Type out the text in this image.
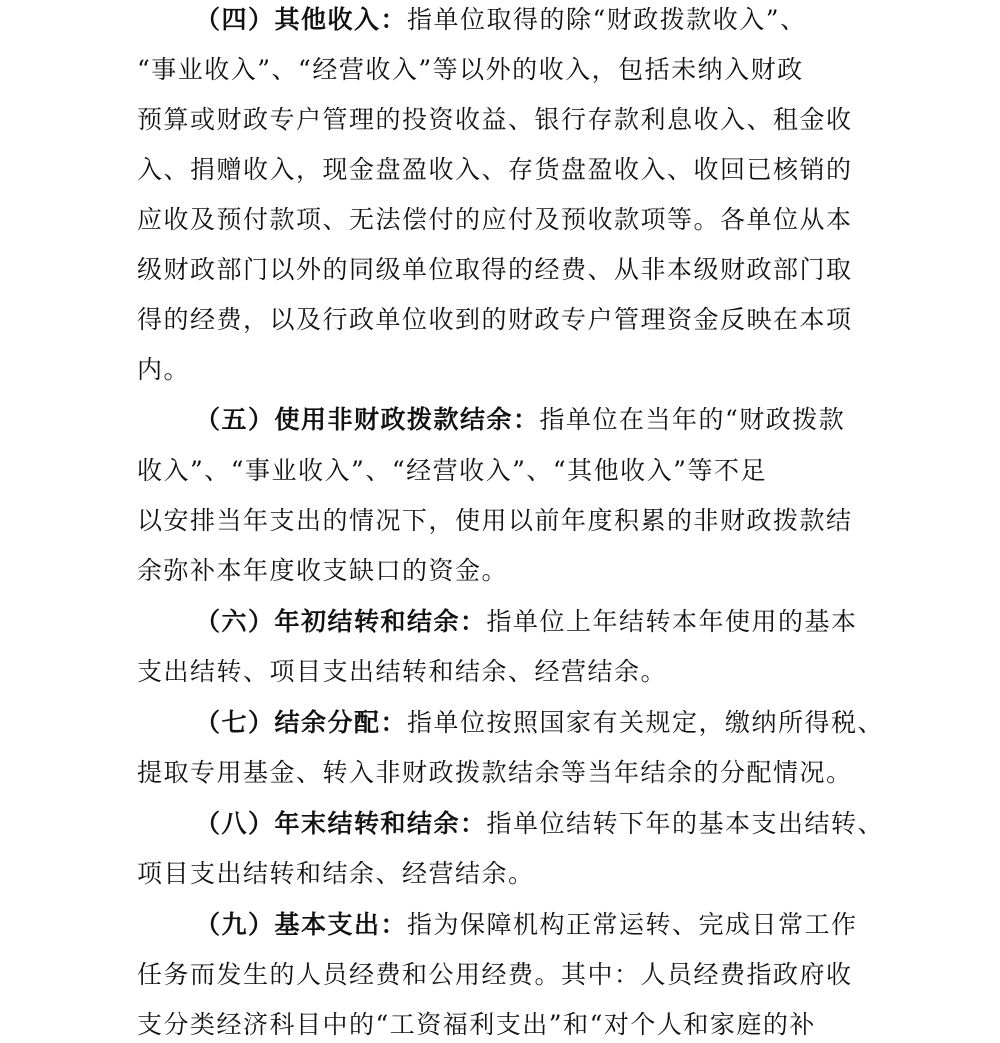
（四）其他收入：指单位取得的除“财政拨款收入”、
“事业收入”、“经营收入”等以外的收入，包括未纳入财政
预算或财政专户管理的投资收益、银行存款利息收入、租金收
入、捐赠收入，现金盘盈收入、存货盘盈收入、收回已核销的
应收及预付款项、无法偿付的应付及预收款项等。各单位从本
级财政部门以外的同级单位取得的经费、从非本级财政部门取
得的经费，以及行政单位收到的财政专户管理资金反映在本项
内。
（五）使用非财政拨款结余：指单位在当年的“财政拨款
收入”、“事业收入”、“经营收入”、“其他收入”等不足
以安排当年支出的情况下，使用以前年度积累的非财政拨款结
余弥补本年度收支缺口的资金。
（六）年初结转和结余：指单位上年结转本年使用的基本
支出结转、项目支出结转和结余、经营结余。
（七）结余分配：指单位按照国家有关规定，缴纳所得税、
提取专用基金、转入非财政拨款结余等当年结余的分配情况。
（八）年末结转和结余：指单位结转下年的基本支出结转、
项目支出结转和结余、经营结余。
（九）基本支出：指为保障机构正常运转、完成日常工作
任务而发生的人员经费和公用经费。其中：人员经费指政府收
支分类经济科目中的“工资福利支出”和“对个人和家庭的补
